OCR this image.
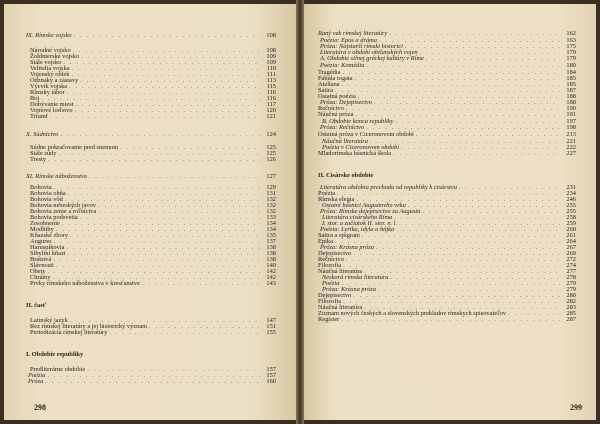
IX. Rímske vojsko . . .	108
Národné vojsko . . .	108
Žoldnierske vojsko . . .	109
Stále vojsko . . .	109
Velitelia vojska . . .	110
Vojenský oblek . . .	111
Odznaky a zástavy . . .	113
Výcvik vojska . . .	115
Rímsky tábor . . .	116
Boj . . .	116
Dobývanie miest . . .	117
Vojnové loďstvo . . .	120
Triumf . . .	121
X. Súdnictvo . . .	124
Súdne pokračovanie pred snemom . . .	125
Stále súdy . . .	125
Tresty . . .	126
XI. Rímske náboženstvo . . .	127
Bohovia . . .	129
Bohovia ohňa . . .	131
Bohovia vôd . . .	132
Bohovia nebeských javov . . .	132
Bohovia zeme a roľníctva . . .	132
Bohovia podsvetia . . .	133
Zosobnenie . . .	134
Modlitby . . .	134
Kňazské zbory . . .	135
Augures . . .	137
Haruspikovia . . .	138
Sibylini kňazi . . .	138
Bratstvá . . .	138
Slávnosti . . .	140
Obety . . .	142
Chrámy . . .	142
Prvky rímskeho náboženstva v kresťanstve . . .	143
II. časť
Latinský jazyk . . .	147
Rez rímskej literatúry a jej historický význam . . .	151
Periodizácia rímskej literatúry . . .	155
I. Obdobie republiky
Predliterárne obdobie . . .	157
Poézia . . .	157
Próza . . .	160
298
Raný vek rímskej literatúry . . .	162
Poézia: Epos a dráma . . .	163
Próza: Najstarší rímski historici . . .	175
Literatúra v období obilanských vojen . . .	179
A. Obdobie silnej gréckej kultúry v Ríme . . .	179
Poézia: Komédia . . .	180
Tragédia . . .	184
Fabula togata . . .	185
Atellana . . .	185
Satira . . .	187
Ostatná poézia . . .	188
Próza: Dejepisectvo . . .	188
Rečníctvo . . .	190
Náučná próza . . .	191
B. Obdobie konca republiky . . .	197
Próza: Rečníctvo . . .	198
Ostatná próza v Ciceronovom období . . .	213
Náučná literatúra . . .	221
Poézia v Ciceronovom období . . .	222
Mladorímska básnická škola . . .	227
II. Cisárske obdobie
Literatúra obdobia prechodu od republiky k cisárstvu . . .	231
Poézia . . .	234
Rímska elegia . . .	246
Ostatní básnici Augustovho veku . . .	255
Próza: Rímske dejepisectvo za Augusta . . .	255
Literatúra cisárskeho Ríma . . .	258
I. stor. a začiatok II. stor. n. l. . . .	259
Poézia: Lyrika, idyla a bájka . . .	260
Satira a epigram . . .	261
Epika . . .	264
Próza: Krásna próza . . .	267
Dejepisectvo . . .	269
Rečníctvo . . .	272
Filozofia . . .	274
Náučná literatúra . . .	277
Neskorá rímska literatúra . . .	278
Poézia . . .	279
Próza: Krásna próza . . .	279
Dejepisectvo . . .	280
Filozofia . . .	282
Náučná literatúra . . .	283
Zoznam nových českých a slovenských prekladov rímskych spisovateľov . . .	285
Register . . .	287
299
